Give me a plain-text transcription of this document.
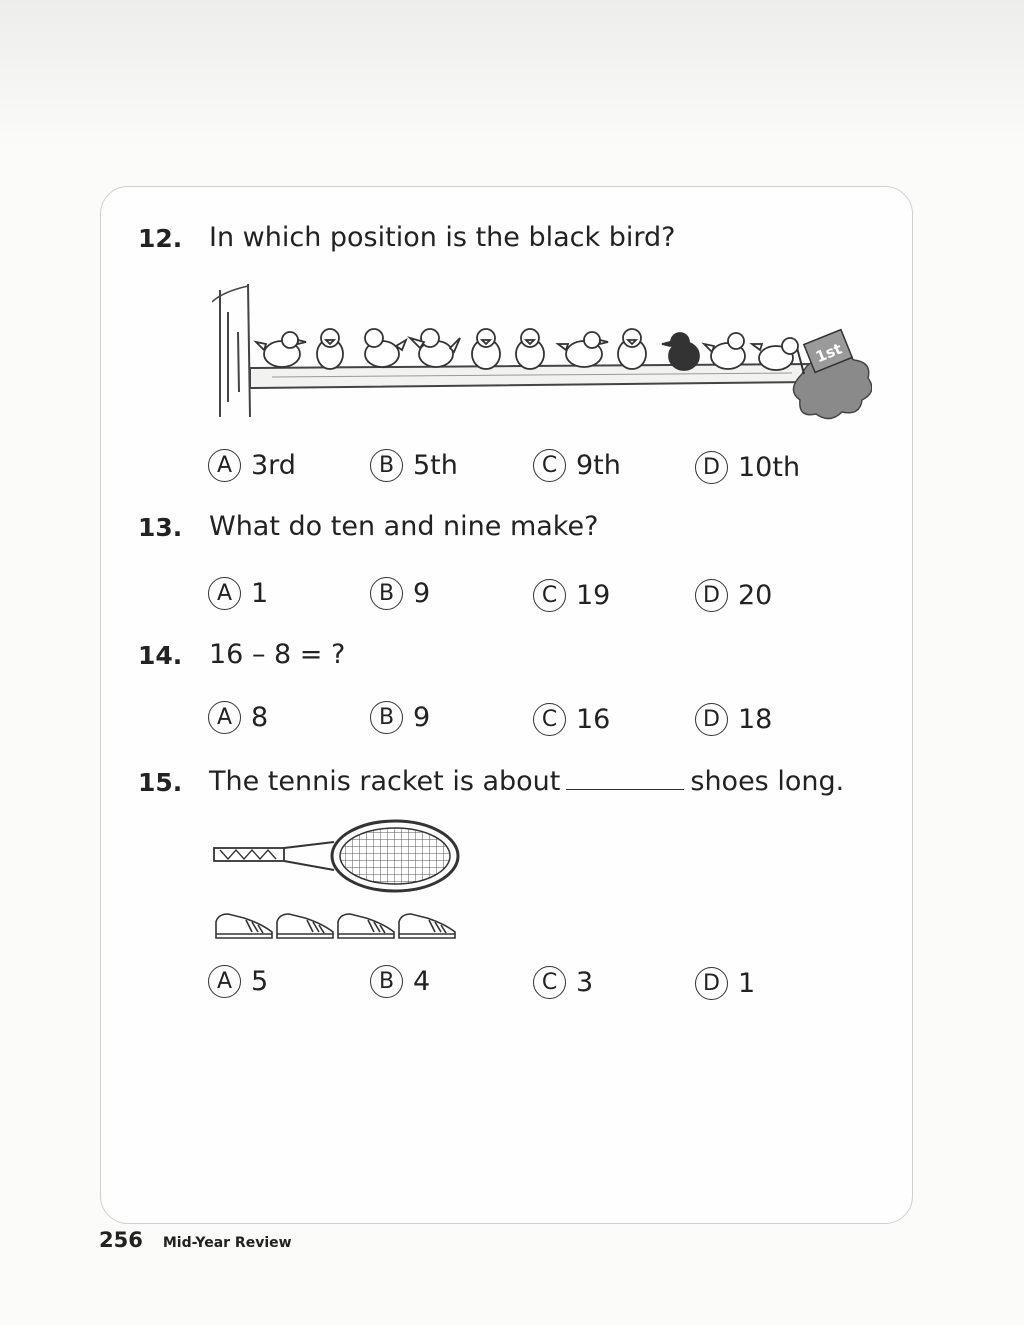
12. In which position is the black bird?
1st
A 3rd	B 5th	C 9th	D 10th
13. What do ten and nine make?
A 1	B 9	C 19	D 20
14. 16 – 8 = ?
A 8	B 9	C 16	D 18
15. The tennis racket is about	shoes long.
A 5	B 4	C 3	D 1
256 Mid-Year Review
